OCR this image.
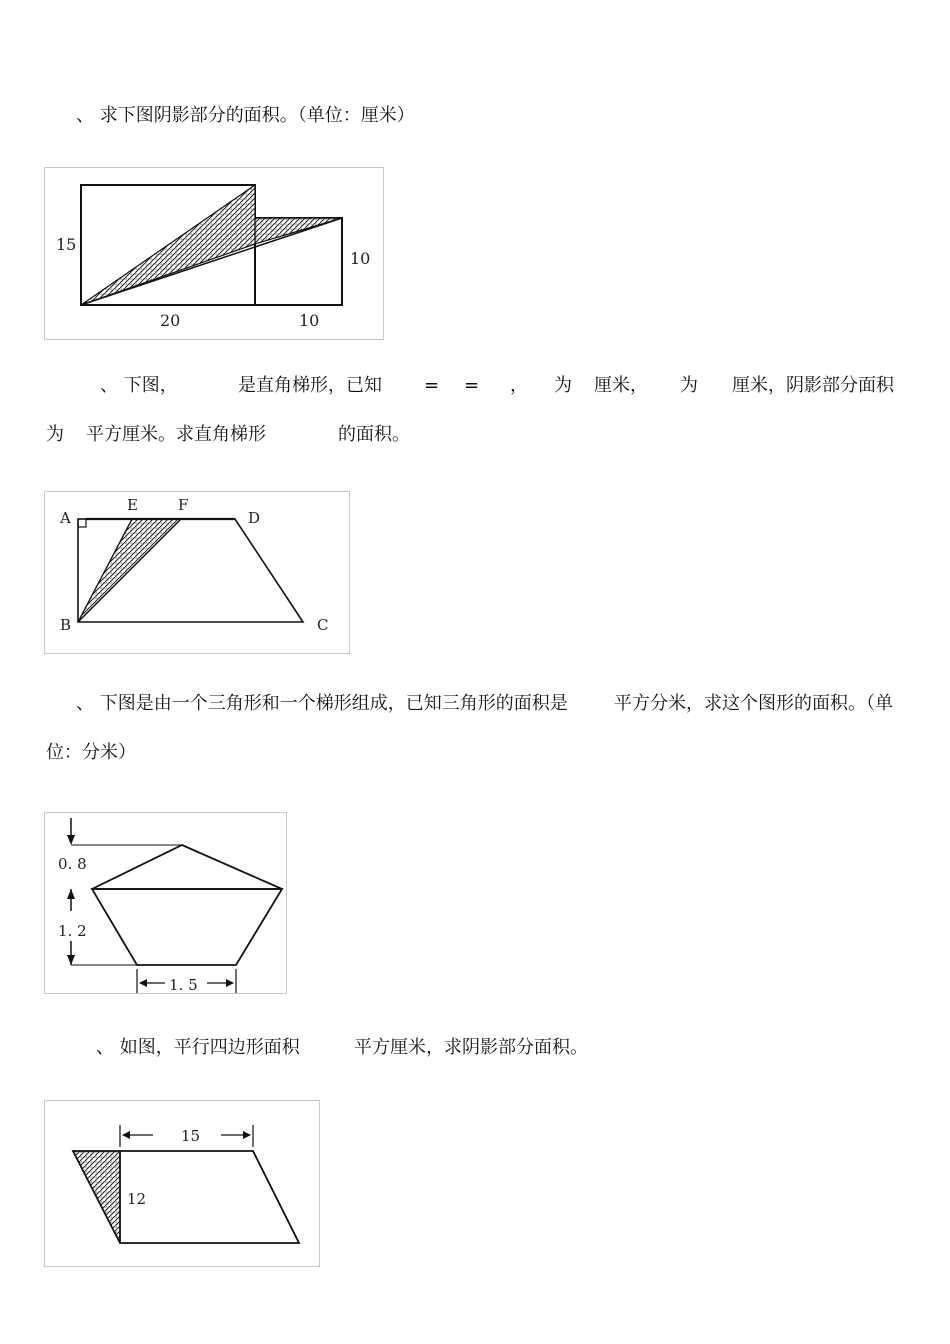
、 求下图阴影部分的面积。（单位：厘米）
15
10
20	10
、 下图，	是直角梯形，已知 = = ， 为 厘米， 为 厘米，阴影部分面积
为 平方厘米。求直角梯形	的面积。
A
E	F
D
B	C
、 下图是由一个三角形和一个梯形组成，已知三角形的面积是	平方分米，求这个图形的面积。（单
位：分米）
0. 8
1. 2
1. 5
、 如图，平行四边形面积	平方厘米，求阴影部分面积。
15
12
